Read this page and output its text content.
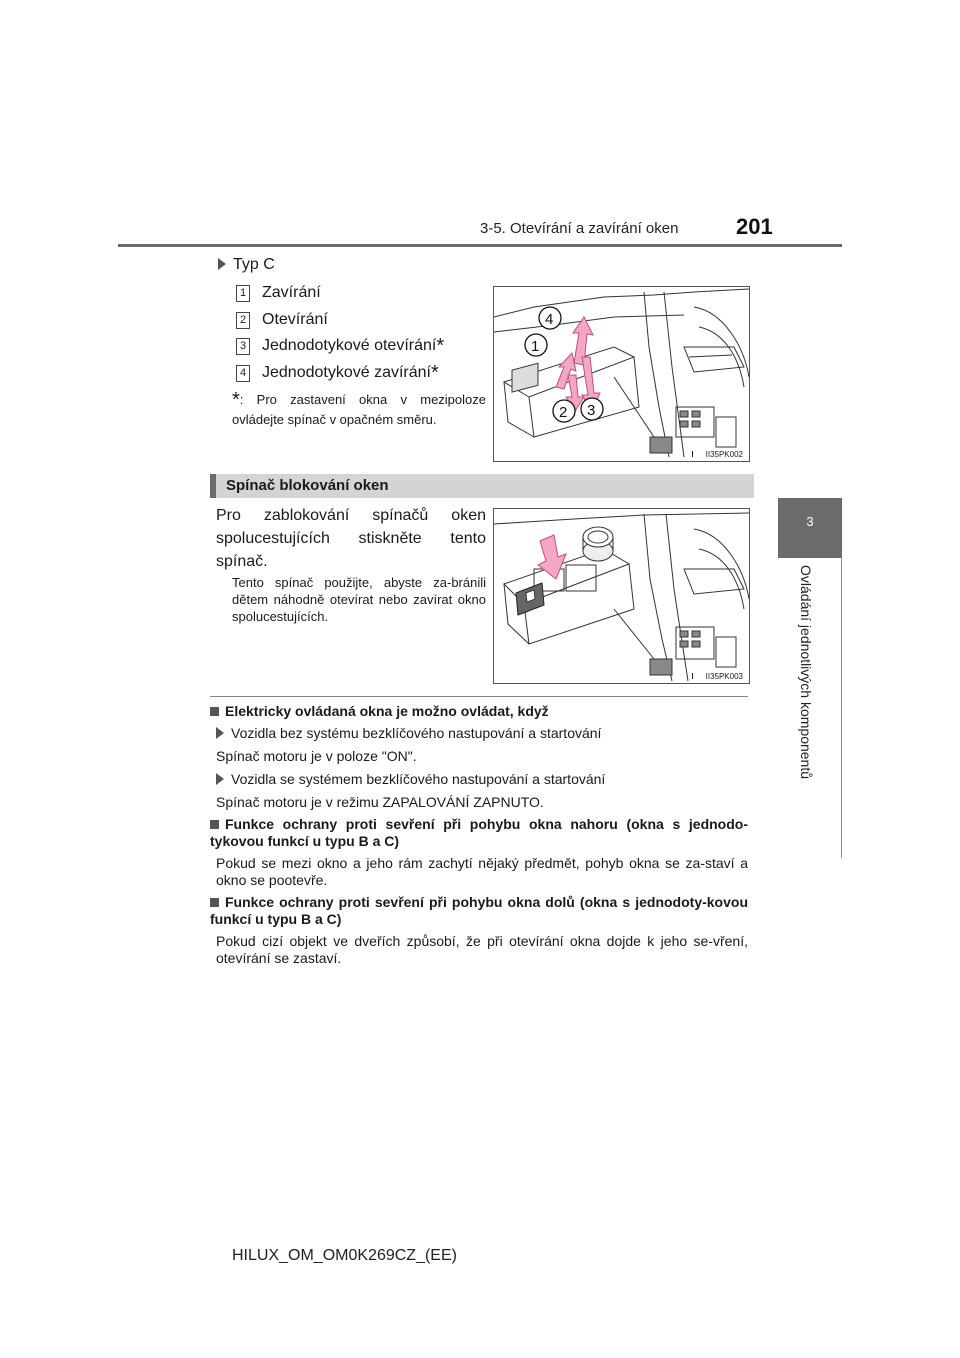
3-5. Otevírání a zavírání oken	201
3
Ovládání jednotlivých komponentů
Typ C
1 Zavírání
2 Otevírání
3 Jednodotykové otevírání *
4 Jednodotykové zavírání *
*: Pro zastavení okna v mezipoloze ovládejte spínač v opačném směru.
4
1
2 3
II35PK002
Spínač blokování oken
Pro zablokování spínačů oken spolucestujících stiskněte tento spínač.
Tento spínač použijte, abyste za-bránili dětem náhodně otevírat nebo zavírat okno spolucestujících.
II35PK003
Elektricky ovládaná okna je možno ovládat, když
Vozidla bez systému bezklíčového nastupování a startování
Spínač motoru je v poloze "ON".
Vozidla se systémem bezklíčového nastupování a startování
Spínač motoru je v režimu ZAPALOVÁNÍ ZAPNUTO.
Funkce ochrany proti sevření při pohybu okna nahoru (okna s jednodo-tykovou funkcí u typu B a C)
Pokud se mezi okno a jeho rám zachytí nějaký předmět, pohyb okna se za-staví a okno se pootevře.
Funkce ochrany proti sevření při pohybu okna dolů (okna s jednodoty-kovou funkcí u typu B a C)
Pokud cizí objekt ve dveřích způsobí, že při otevírání okna dojde k jeho se-vření, otevírání se zastaví.
HILUX_OM_OM0K269CZ_(EE)
